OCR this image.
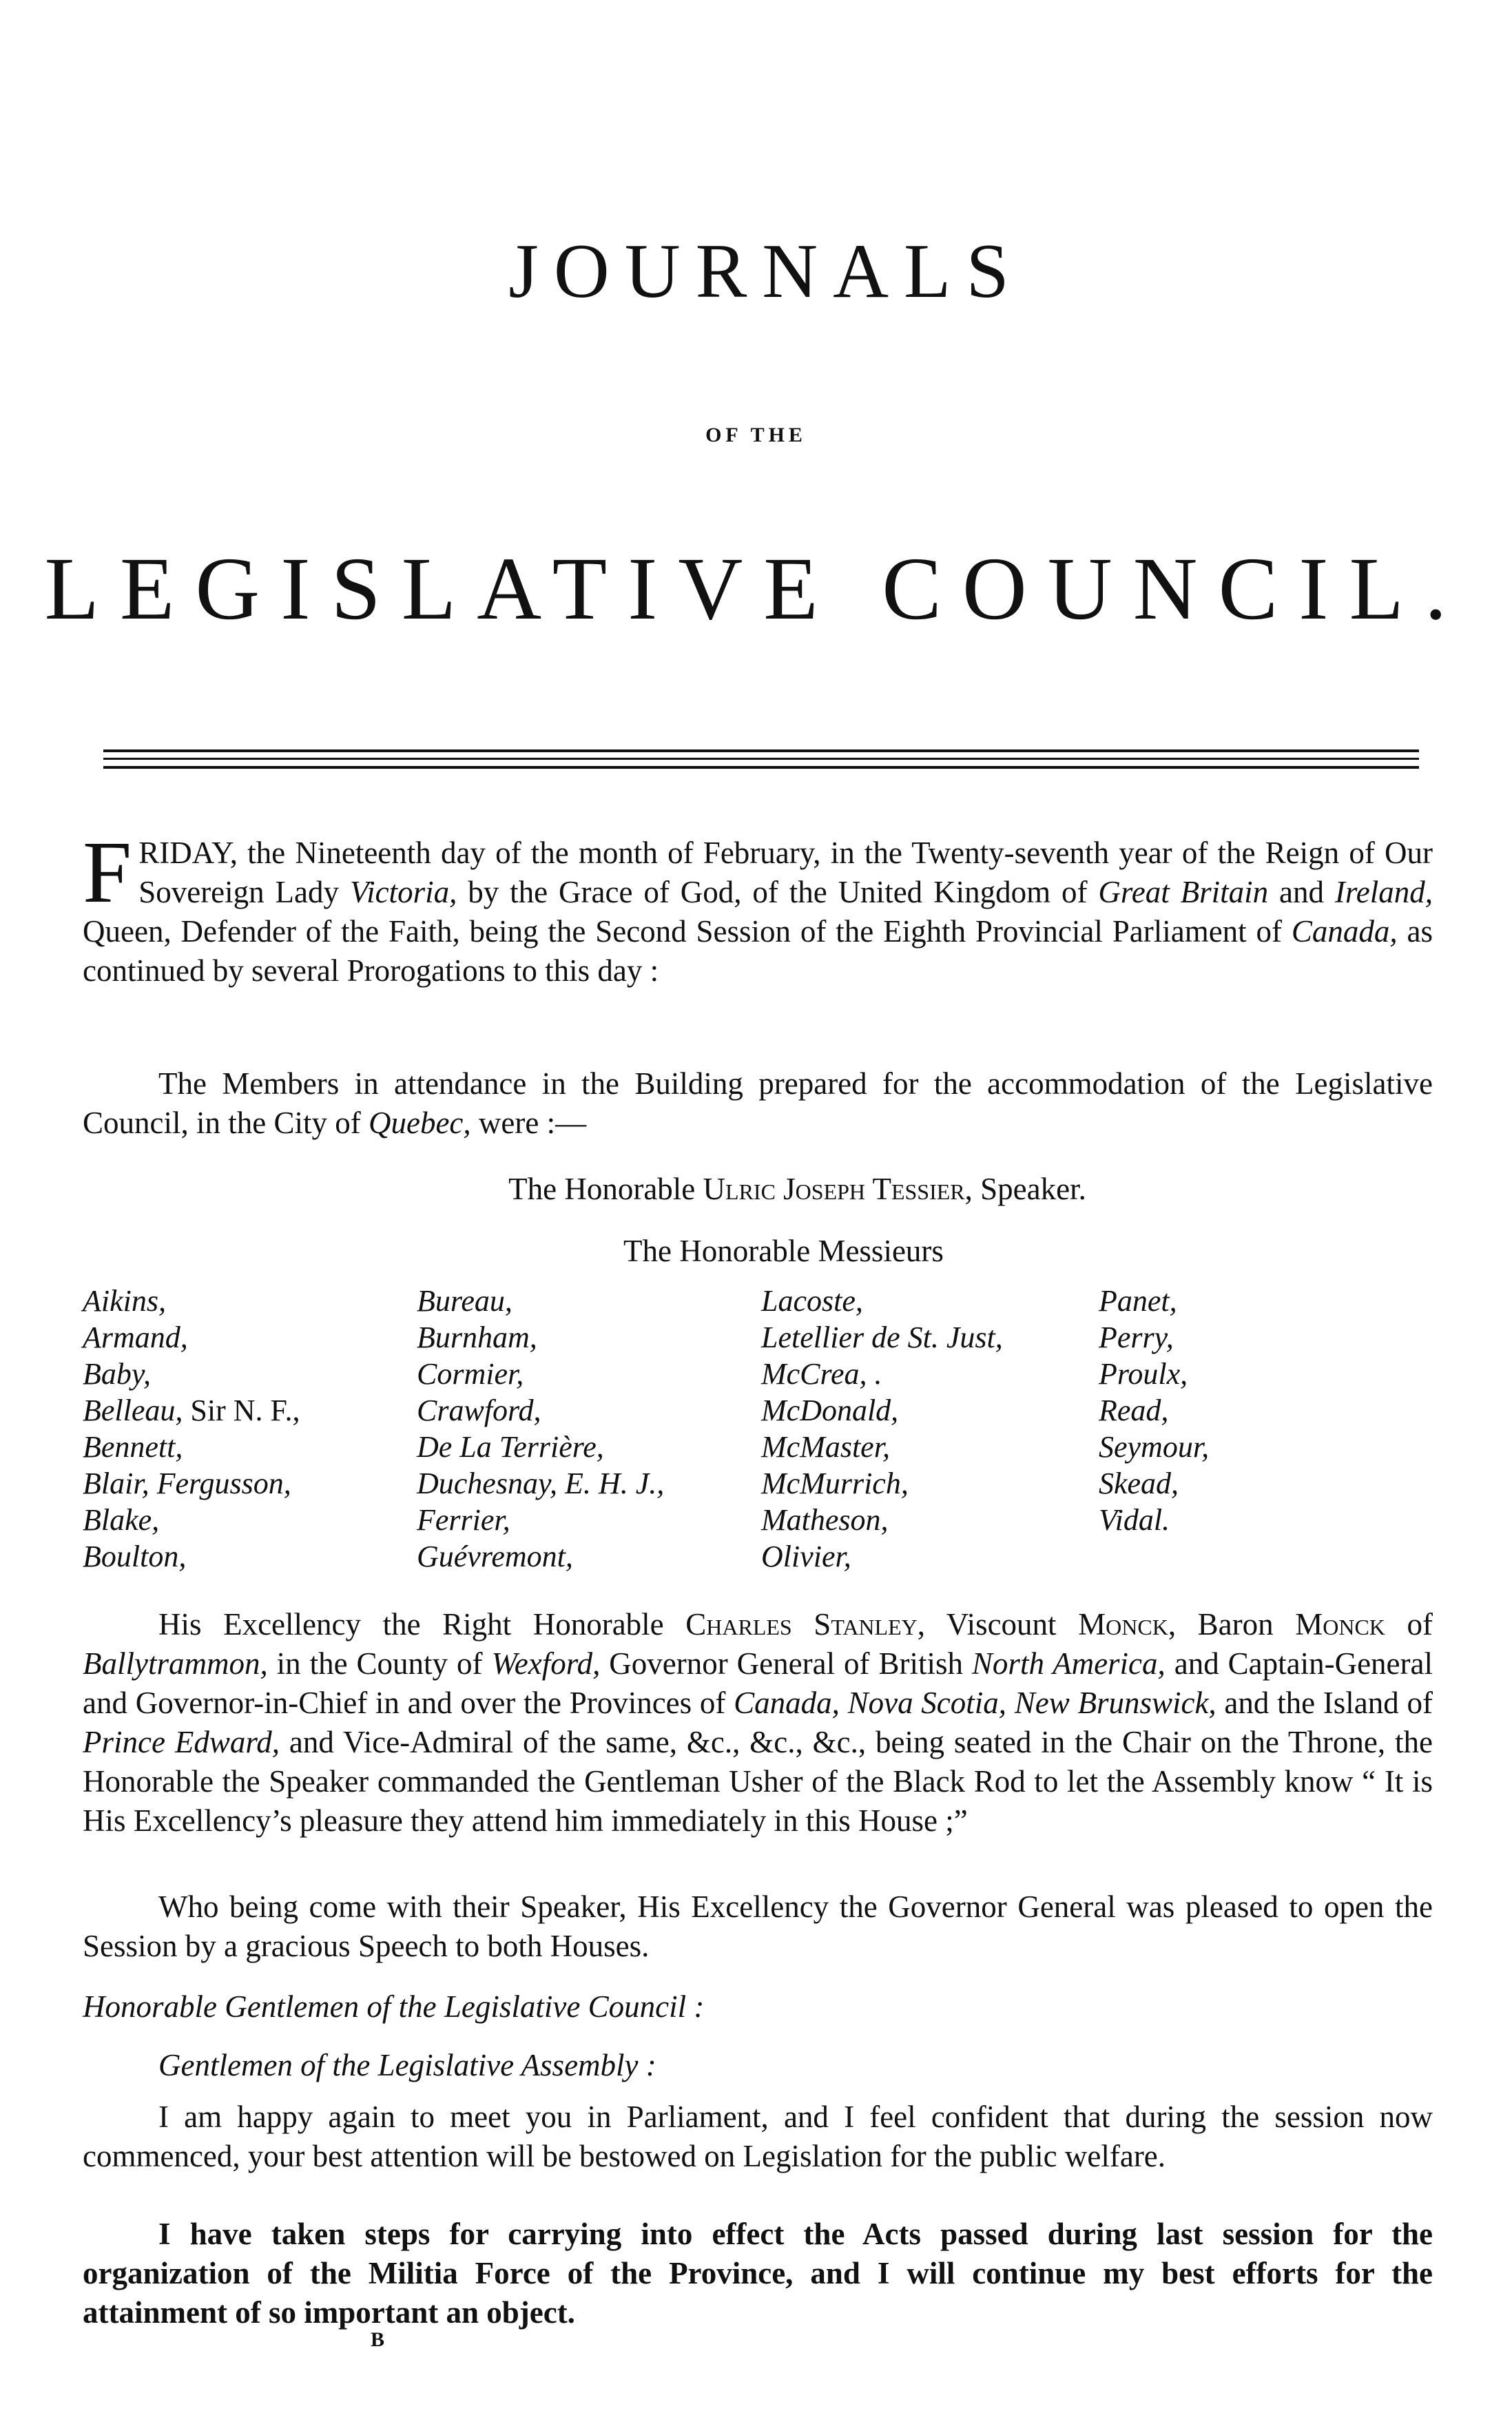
JOURNALS
OF THE
LEGISLATIVE COUNCIL.
FRIDAY, the Nineteenth day of the month of February, in the Twenty-seventh year of the Reign of Our Sovereign Lady Victoria, by the Grace of God, of the United Kingdom of Great Britain and Ireland, Queen, Defender of the Faith, being the Second Session of the Eighth Provincial Parliament of Canada, as continued by several Prorogations to this day :
The Members in attendance in the Building prepared for the accommodation of the Legislative Council, in the City of Quebec, were :—
The Honorable Ulric Joseph Tessier, Speaker.
The Honorable Messieurs
Aikins,
Armand,
Baby,
Belleau, Sir N. F.,
Bennett,
Blair, Fergusson,
Blake,
Boulton,
Bureau,
Burnham,
Cormier,
Crawford,
De La Terrière,
Duchesnay, E. H. J.,
Ferrier,
Guévremont,
Lacoste,
Letellier de St. Just,
McCrea, .
McDonald,
McMaster,
McMurrich,
Matheson,
Olivier,
Panet,
Perry,
Proulx,
Read,
Seymour,
Skead,
Vidal.
His Excellency the Right Honorable Charles Stanley, Viscount Monck, Baron Monck of Ballytrammon, in the County of Wexford, Governor General of British North America, and Captain-General and Governor-in-Chief in and over the Provinces of Canada, Nova Scotia, New Brunswick, and the Island of Prince Edward, and Vice-Admiral of the same, &c., &c., &c., being seated in the Chair on the Throne, the Honorable the Speaker commanded the Gentleman Usher of the Black Rod to let the Assembly know “ It is His Excellency’s pleasure they attend him immediately in this House ;”
Who being come with their Speaker, His Excellency the Governor General was pleased to open the Session by a gracious Speech to both Houses.
Honorable Gentlemen of the Legislative Council :
Gentlemen of the Legislative Assembly :
I am happy again to meet you in Parliament, and I feel confident that during the session now commenced, your best attention will be bestowed on Legislation for the public welfare.
I have taken steps for carrying into effect the Acts passed during last session for the organization of the Militia Force of the Province, and I will continue my best efforts for the attainment of so important an object.
B
